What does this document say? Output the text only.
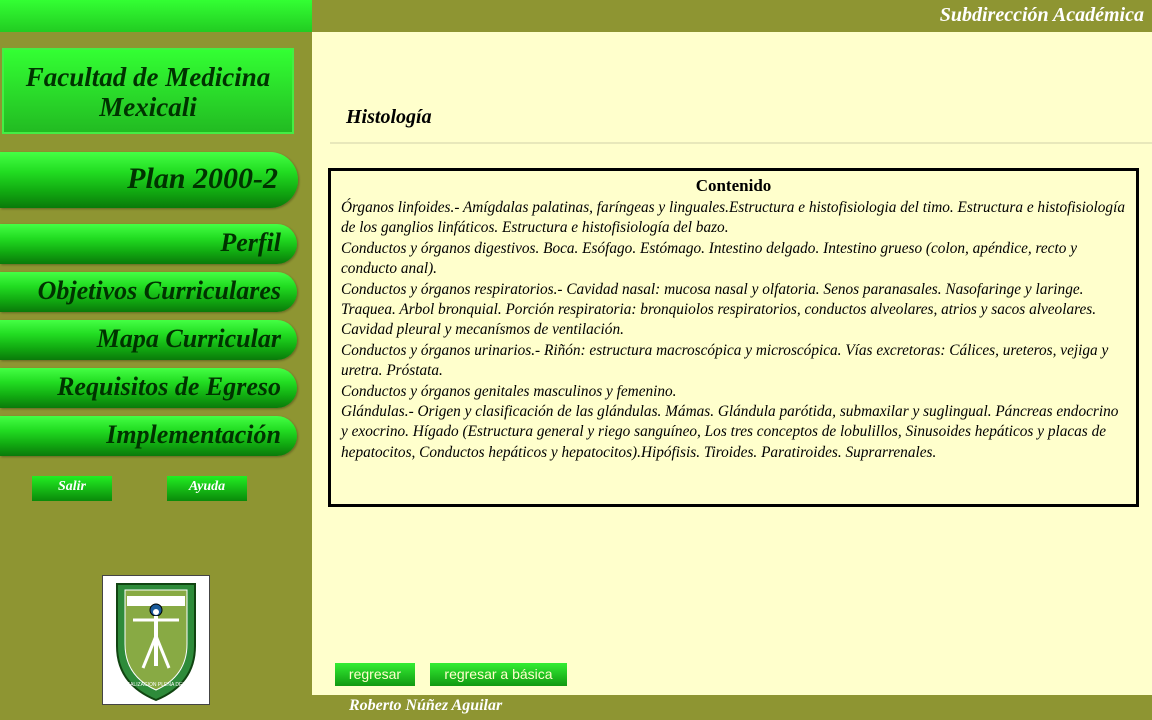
Subdirección Académica
Facultad de Medicina
Mexicali
Plan 2000-2
Perfil
Objetivos Curriculares
Mapa Curricular
Requisitos de Egreso
Implementación
Salir	Ayuda
POR LA REALIZACION PLENA DEL HOMBRE
Histología
Contenido

Órganos linfoides.- Amígdalas palatinas, faríngeas y linguales.Estructura e histofisiologia del timo. Estructura e histofisiología de los ganglios linfáticos. Estructura e histofisiología del bazo.

Conductos y órganos digestivos. Boca. Esófago. Estómago. Intestino delgado. Intestino grueso (colon, apéndice, recto y conducto anal).

Conductos y órganos respiratorios.- Cavidad nasal: mucosa nasal y olfatoria. Senos paranasales. Nasofaringe y laringe. Traquea. Arbol bronquial. Porción respiratoria: bronquiolos respiratorios, conductos alveolares, atrios y sacos alveolares. Cavidad pleural y mecanísmos de ventilación.

Conductos y órganos urinarios.- Riñón: estructura macroscópica y microscópica. Vías excretoras: Cálices, ureteros, vejiga y uretra. Próstata.

Conductos y órganos genitales masculinos y femenino.

Glándulas.- Origen y clasificación de las glándulas. Mámas. Glándula parótida, submaxilar y suglingual. Páncreas endocrino y exocrino. Hígado (Estructura general y riego sanguíneo, Los tres conceptos de lobulillos, Sinusoides hepáticos y placas de hepatocitos, Conductos hepáticos y hepatocitos).Hipófisis. Tiroides. Paratiroides. Suprarrenales.

regresar	regresar a básica
Roberto Núñez Aguilar
